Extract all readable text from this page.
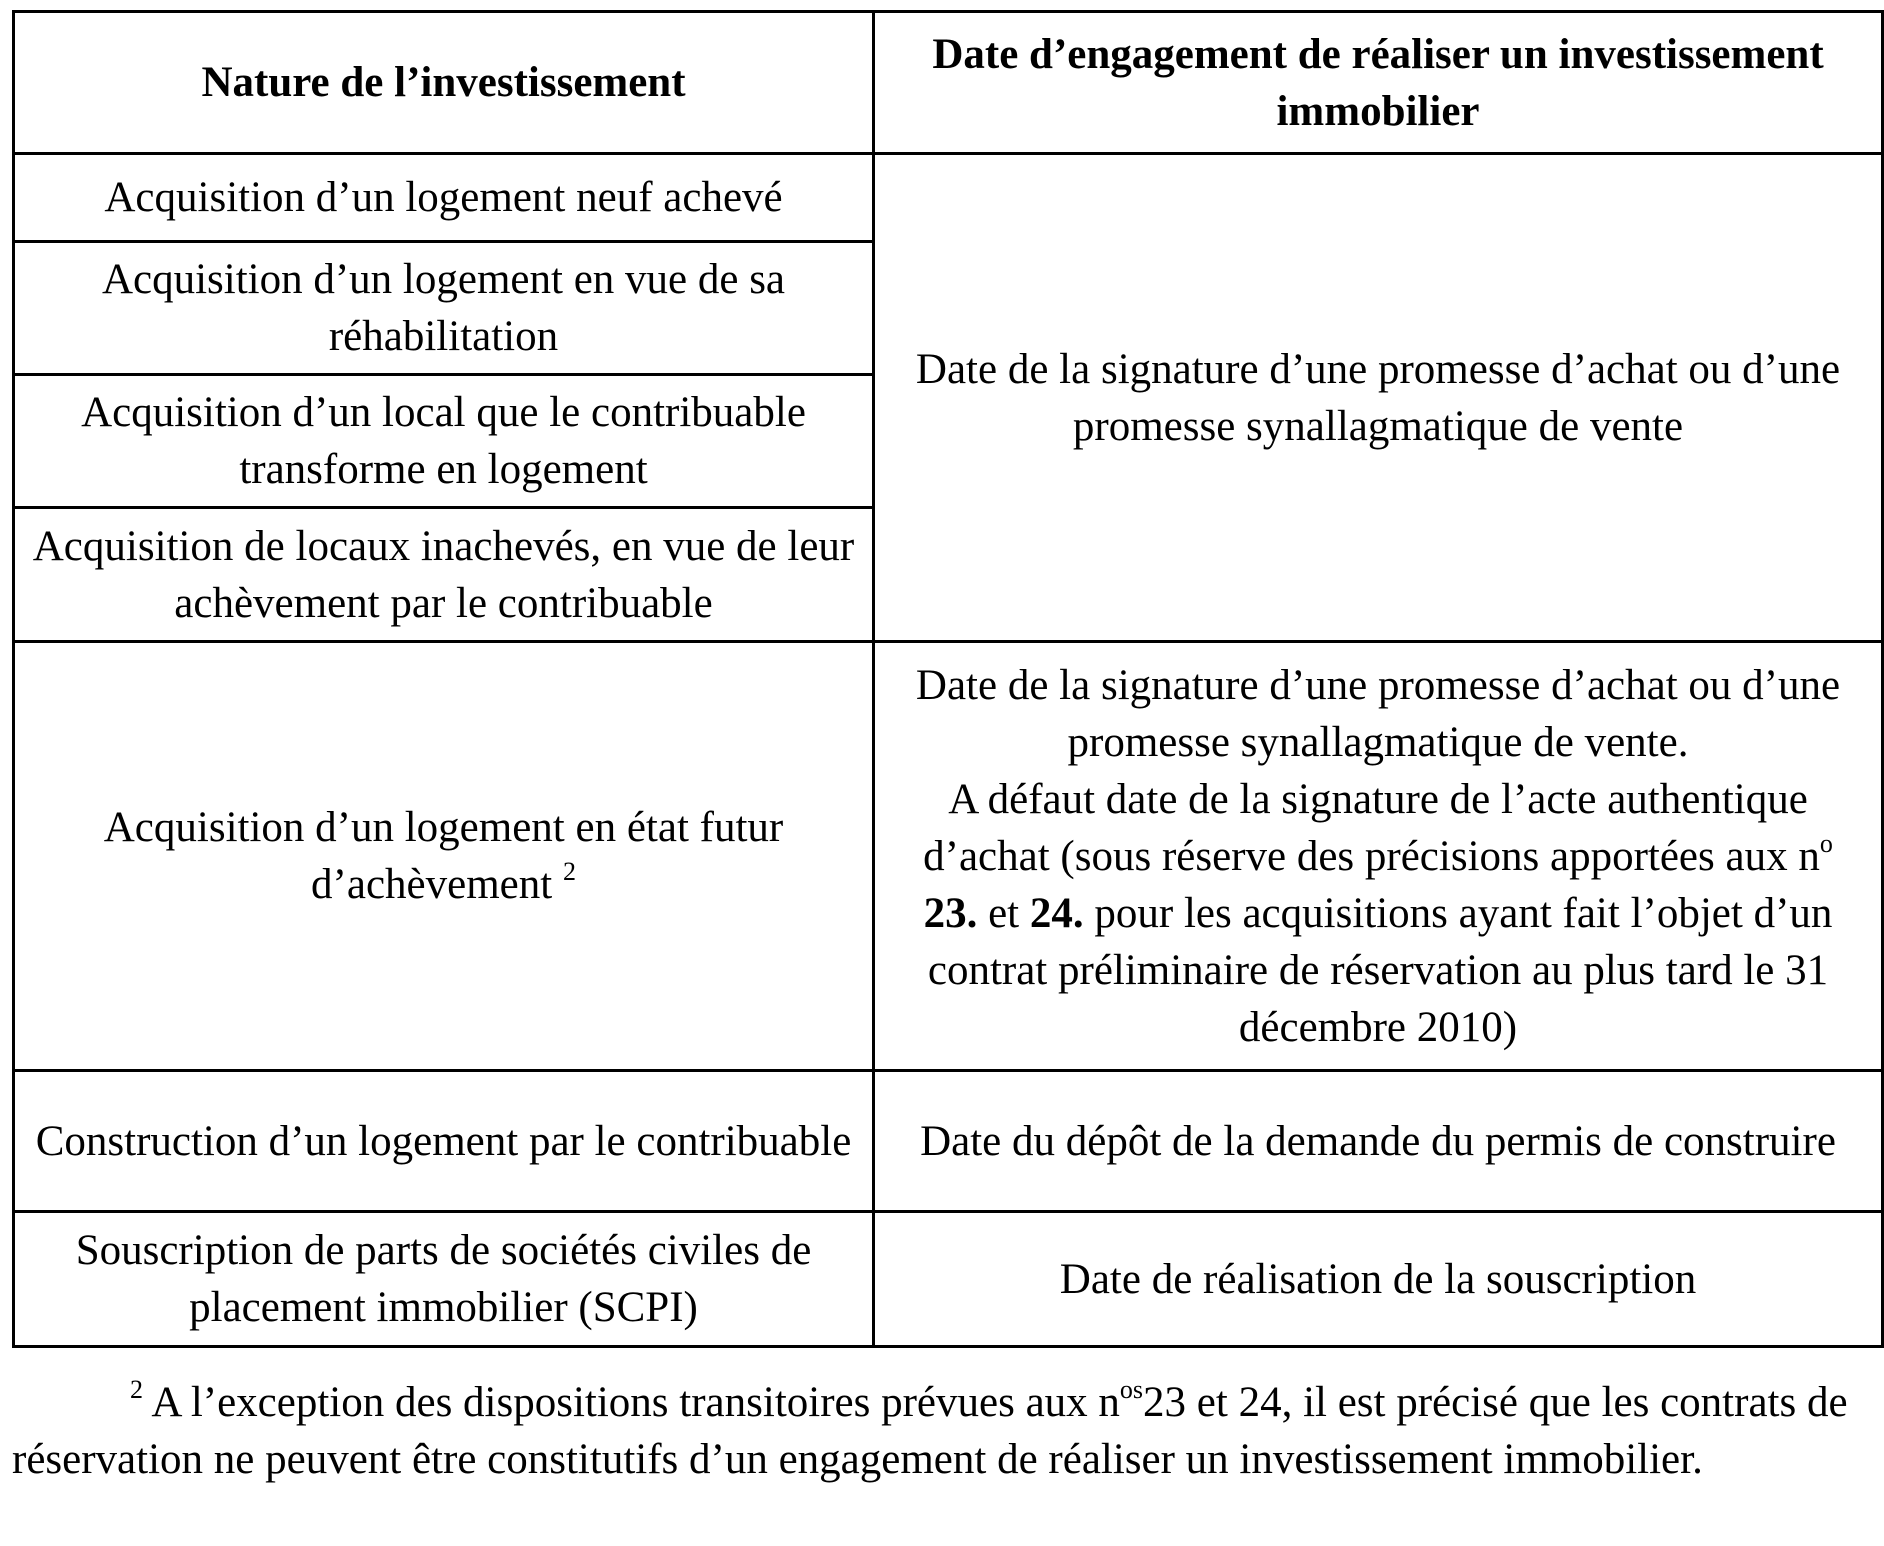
Nature de l’investissement	Date d’engagement de réaliser un investissement immobilier
Acquisition d’un logement neuf achevé	Date de la signature d’une promesse d’achat ou d’une promesse synallagmatique de vente
Acquisition d’un logement en vue de sa réhabilitation	
Acquisition d’un local que le contribuable transforme en logement	
Acquisition de locaux inachevés, en vue de leur achèvement par le contribuable	
Acquisition d’un logement en état futur d’achèvement $^2$	Date de la signature d’une promesse d’achat ou d’une promesse synallagmatique de vente.
A défaut date de la signature de l’acte authentique d’achat (sous réserve des précisions apportées aux $n^o$ 23. et 24. pour les acquisitions ayant fait l’objet d’un contrat préliminaire de réservation au plus tard le 31 décembre 2010)
Construction d’un logement par le contribuable	Date du dépôt de la demande du permis de construire
Souscription de parts de sociétés civiles de placement immobilier (SCPI)	Date de réalisation de la souscription

$^2$ A l’exception des dispositions transitoires prévues aux $n^{os}23$ et 24, il est précisé que les contrats de réservation ne peuvent être constitutifs d’un engagement de réaliser un investissement immobilier.
